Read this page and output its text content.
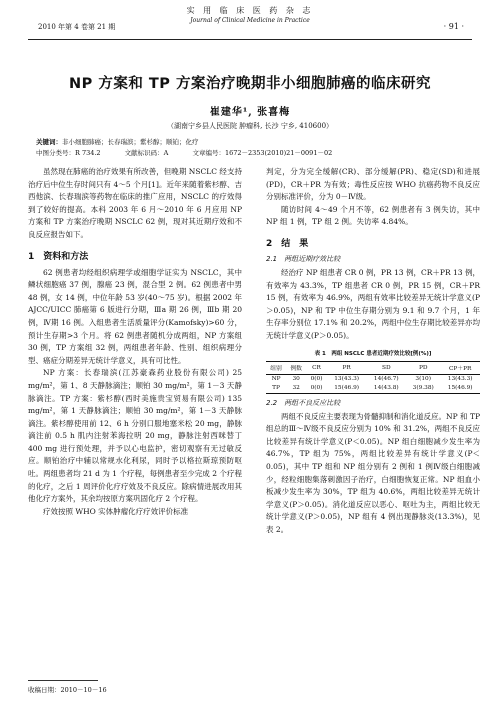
2010 年第 4 卷第 21 期
实 用 临 床 医 药 杂 志
Journal of Clinical Medicine in Practice
· 91 ·
NP 方案和 TP 方案治疗晚期非小细胞肺癌的临床研究
崔建华¹, 张喜梅
（湖南宁乡县人民医院 肿瘤科, 长沙 宁乡, 410600）
关键词：非小细胞肺癌；长春瑞滨；紫杉醇；顺铂；化疗
中图分类号：R 734.2	文献标识码：A	文章编号：1672－2353(2010)21－0091－02

虽然现在肺癌的治疗效果有所改善，但晚期 NSCLC 经支持治疗后中位生存时间只有 4～5 个月[1]。近年来随着紫杉醇、吉西他滨、长春瑞滨等药物在临床的推广应用，NSCLC 的疗效得到了较好的提高。本科 2003 年 6 月～2010 年 6 月应用 NP 方案和 TP 方案治疗晚期 NSCLC 62 例，现对其近期疗效和不良反应报告如下。

1　资料和方法

62 例患者均经组织病理学或细胞学证实为 NSCLC，其中鳞状细胞癌 37 例，腺癌 23 例，混合型 2 例。62 例患者中男 48 例，女 14 例，中位年龄 53 岁(40～75 岁)。根据 2002 年 AJCC/UICC 肺癌第 6 版进行分期，Ⅲa 期 26 例，Ⅲb 期 20 例，Ⅳ期 16 例。入组患者生活质量评分(Kamofsky)>60 分，预计生存期>3 个月。将 62 例患者随机分成两组，NP 方案组 30 例，TP 方案组 32 例，两组患者年龄、性别、组织病理分型、癌症分期差异无统计学意义，具有可比性。

NP 方案：长春瑞滨(江苏豪森药业股份有限公司) 25 mg/m²，第 1、8 天静脉滴注；顺铂 30 mg/m²，第 1－3 天静脉滴注。TP 方案：紫杉醇(西时美施贵宝贸易有限公司) 135 mg/m²，第 1 天静脉滴注；顺铂 30 mg/m²，第 1－3 天静脉滴注。紫杉醇使用前 12、6 h 分别口服地塞米松 20 mg，静脉滴注前 0.5 h 肌内注射苯海拉明 20 mg，静脉注射西咪替丁 400 mg 进行预处理，并予以心电监护，密切观察有无过敏反应。顺铂治疗中辅以常规水化利尿，同时予以格拉斯琼预防呕吐。两组患者均 21 d 为 1 个疗程，每例患者至少完成 2 个疗程的化疗，之后 1 周评价化疗疗效及不良反应。除病情进展改用其他化疗方案外，其余均按原方案巩固化疗 2 个疗程。

疗效按照 WHO 实体肿瘤化疗疗效评价标准

判定，分为完全缓解(CR)、部分缓解(PR)、稳定(SD)和进展(PD)，CR＋PR 为有效；毒性反应按 WHO 抗癌药物不良反应分别标准评价，分为 0－Ⅳ级。

随访时间 4～49 个月不等，62 例患者有 3 例失访，其中 NP 组 1 例，TP 组 2 例。失访率 4.84%。

2　结　果
2.1　两组近期疗效比较

经治疗 NP 组患者 CR 0 例，PR 13 例，CR＋PR 13 例，有效率为 43.3%，TP 组患者 CR 0 例，PR 15 例，CR＋PR 15 例，有效率为 46.9%，两组有效率比较差异无统计学意义(P＞0.05)，NP 和 TP 中位生存期分别为 9.1 和 9.7 个月，1 年生存率分别位 17.1% 和 20.2%，两组中位生存期比较差异亦均无统计学意义(P＞0.05)。

表 1　两组 NSCLC 患者近期疗效比较[例(%)]
组别	例数	CR	PR	SD	PD	CP＋PR
NP	30	0(0)	13(43.3)	14(46.7)	3(10)	13(43.3)
TP	32	0(0)	15(46.9)	14(43.8)	3(9.38)	15(46.9)
2.2　两组不良反应比较

两组不良反应主要表现为骨髓抑制和消化道反应。NP 和 TP 组总的Ⅲ～Ⅳ级不良反应分别为 10% 和 31.2%，两组不良反应比较差异有统计学意义(P＜0.05)。NP 组白细胞减少发生率为 46.7%，TP 组为 75%，两组比较差异有统计学意义(P＜0.05)，其中 TP 组和 NP 组分别有 2 例和 1 例Ⅳ级白细胞减少，经粒细胞集落刺激因子治疗，白细胞恢复正常。NP 组血小板减少发生率为 30%，TP 组为 40.6%，两组比较差异无统计学意义(P＞0.05)。消化道反应以恶心、呕吐为主，两组比较无统计学意义(P＞0.05)，NP 组有 4 例出现静脉炎(13.3%)，见表 2。

收稿日期：2010－10－16
